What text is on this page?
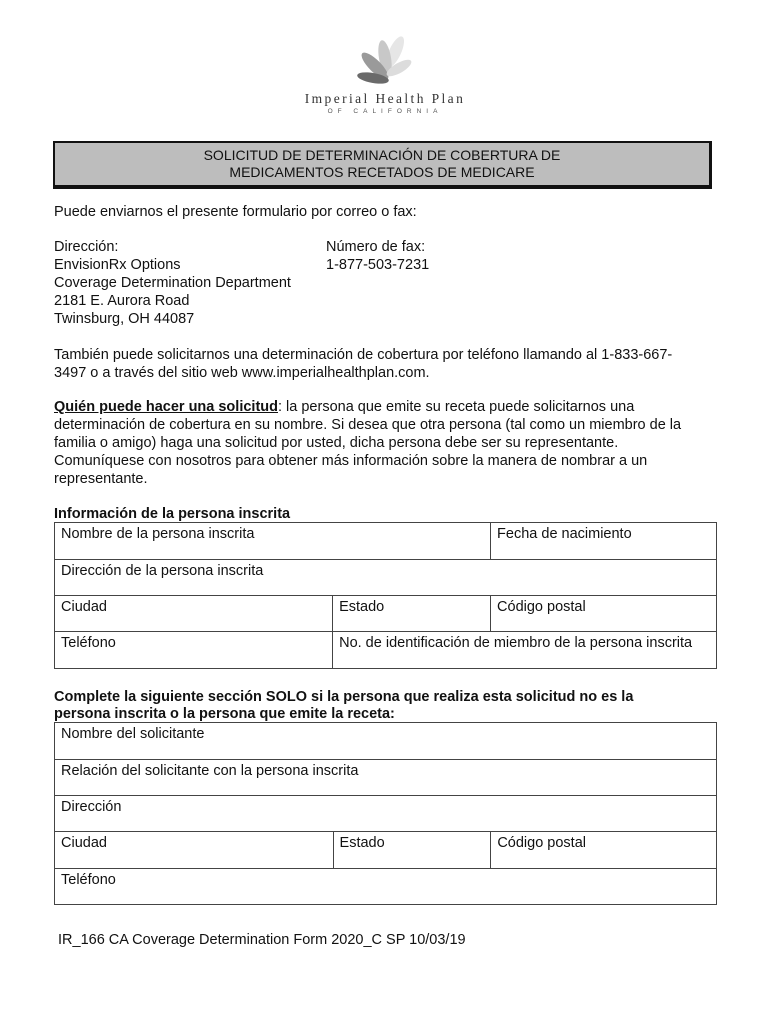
Imperial Health Plan
OF CALIFORNIA
SOLICITUD DE DETERMINACIÓN DE COBERTURA DE
MEDICAMENTOS RECETADOS DE MEDICARE
Puede enviarnos el presente formulario por correo o fax:
Dirección:
EnvisionRx Options
Coverage Determination Department
2181 E. Aurora Road
Twinsburg, OH 44087
Número de fax:
1-877-503-7231
También puede solicitarnos una determinación de cobertura por teléfono llamando al 1-833-667-
3497 o a través del sitio web www.imperialhealthplan.com.
Quién puede hacer una solicitud: la persona que emite su receta puede solicitarnos una
determinación de cobertura en su nombre. Si desea que otra persona (tal como un miembro de la
familia o amigo) haga una solicitud por usted, dicha persona debe ser su representante.
Comuníquese con nosotros para obtener más información sobre la manera de nombrar a un
representante.
Información de la persona inscrita
Nombre de la persona inscrita		Fecha de nacimiento
Dirección de la persona inscrita		
Ciudad	Estado	Código postal
Teléfono	No. de identificación de miembro de la persona inscrita	
Complete la siguiente sección SOLO si la persona que realiza esta solicitud no es la
persona inscrita o la persona que emite la receta:
Nombre del solicitante
Relación del solicitante con la persona inscrita
Dirección
Ciudad	Estado	Código postal
Teléfono
IR_166 CA Coverage Determination Form 2020_C SP 10/03/19
